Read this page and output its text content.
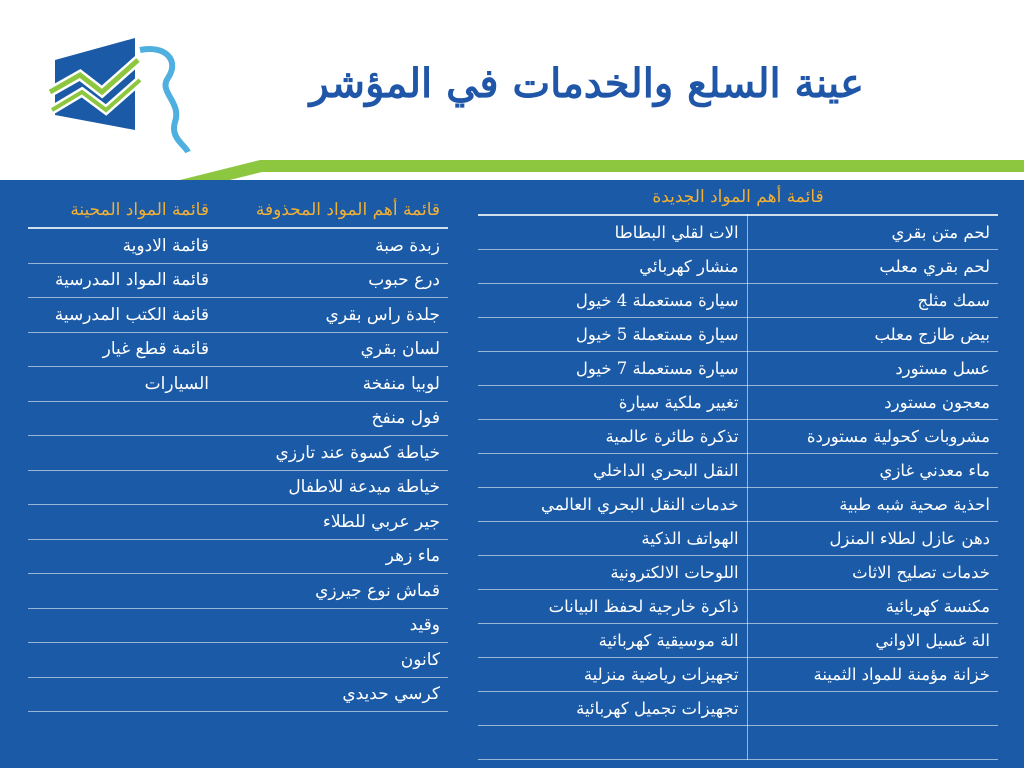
عينة السلع والخدمات في المؤشر
قائمة أهم المواد الجديدة	
لحم متن بقري	الات لقلي البطاطا
لحم بقري معلب	منشار كهربائي
سمك مثلج	سيارة مستعملة 4 خيول
بيض طازج معلب	سيارة مستعملة 5 خيول
عسل مستورد	سيارة مستعملة 7 خيول
معجون مستورد	تغيير ملكية سيارة
مشروبات كحولية مستوردة	تذكرة طائرة عالمية
ماء معدني غازي	النقل البحري الداخلي
احذية صحية شبه طبية	خدمات النقل البحري العالمي
دهن عازل لطلاء المنزل	الهواتف الذكية
خدمات تصليح الاثاث	اللوحات الالكترونية
مكنسة كهربائية	ذاكرة خارجية لحفظ البيانات
الة غسيل الاواني	الة موسيقية كهربائية
خزانة مؤمنة للمواد الثمينة	تجهيزات رياضية منزلية
	تجهيزات تجميل كهربائية

قائمة أهم المواد المحذوفة	قائمة المواد المحينة
زبدة صبة	قائمة الادوية
درع حبوب	قائمة المواد المدرسية
جلدة راس بقري	قائمة الكتب المدرسية
لسان بقري	قائمة قطع غيار
لوبيا منفخة	السيارات
فول منفخ	
خياطة كسوة عند تارزي	
خياطة ميدعة للاطفال	
جير عربي للطلاء	
ماء زهر	
قماش نوع جيرزي	
وقيد	
كانون	
كرسي حديدي	
